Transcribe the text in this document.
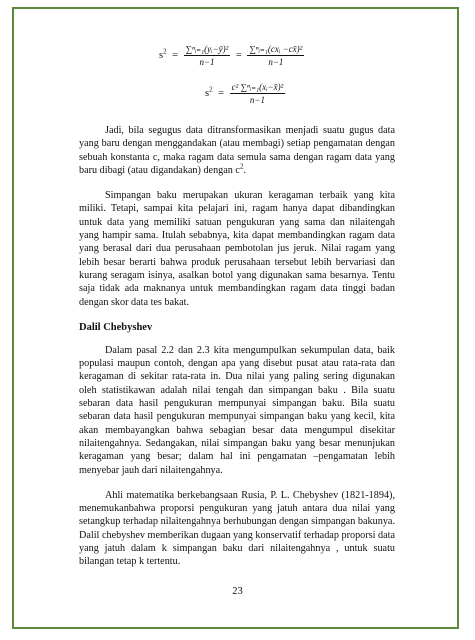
$s^2 = \frac{\text{∑ⁿᵢ₌₁(yᵢ−ȳ)²}}{n-1} = \frac{\text{∑ⁿᵢ₌₁(cxᵢ −cx̄)²}}{n-1}$
$s^2 = \frac{\text{c² ∑ⁿᵢ₌₁(xᵢ−x̄)²}}{n-1}$

Jadi, bila segugus data ditransformasikan menjadi suatu gugus data yang baru dengan menggandakan (atau membagi) setiap pengamatan dengan sebuah konstanta c, maka ragam data semula sama dengan ragam data yang baru dibagi (atau digandakan) dengan $c^2$.

Simpangan baku merupakan ukuran keragaman terbaik yang kita miliki. Tetapi, sampai kita pelajari ini, ragam hanya dapat dibandingkan untuk data yang memiliki satuan pengukuran yang sama dan nilaitengah yang hampir sama. Itulah sebabnya, kita dapat membandingkan ragam data yang berasal dari dua perusahaan pembotolan jus jeruk. Nilai ragam yang lebih besar berarti bahwa produk perusahaan tersebut lebih bervariasi dan kurang seragam isinya, asalkan botol yang digunakan sama besarnya. Tentu saja tidak ada maknanya untuk membandingkan ragam data tinggi badan dengan skor data tes bakat.

Dalil Chebyshev

Dalam pasal 2.2 dan 2.3 kita mengumpulkan sekumpulan data, baik populasi maupun contoh, dengan apa yang disebut pusat atau rata-rata dan keragaman di sekitar rata-rata in. Dua nilai yang paling sering digunakan oleh statistikawan adalah nilai tengah dan simpangan baku . Bila suatu sebaran data hasil pengukuran mempunyai simpangan baku. Bila suatu sebaran data hasil pengukuran mempunyai simpangan baku yang kecil, kita akan membayangkan bahwa sebagian besar data mengumpul disekitar nilaitengahnya. Sedangakan, nilai simpangan baku yang besar menunjukan keragaman yang besar; dalam hal ini pengamatan –pengamatan lebih menyebar jauh dari nilaitengahnya.

Ahli matematika berkebangsaan Rusia, P. L. Chebyshev (1821-1894), menemukanbahwa proporsi pengukuran yang jatuh antara dua nilai yang setangkup terhadap nilaitengahnya berhubungan dengan simpangan bakunya. Dalil chebyshev memberikan dugaan yang konservatif terhadap proporsi data yang jatuh dalam k simpangan baku dari nilaitengahnya , untuk suatu bilangan tetap k tertentu.

23
